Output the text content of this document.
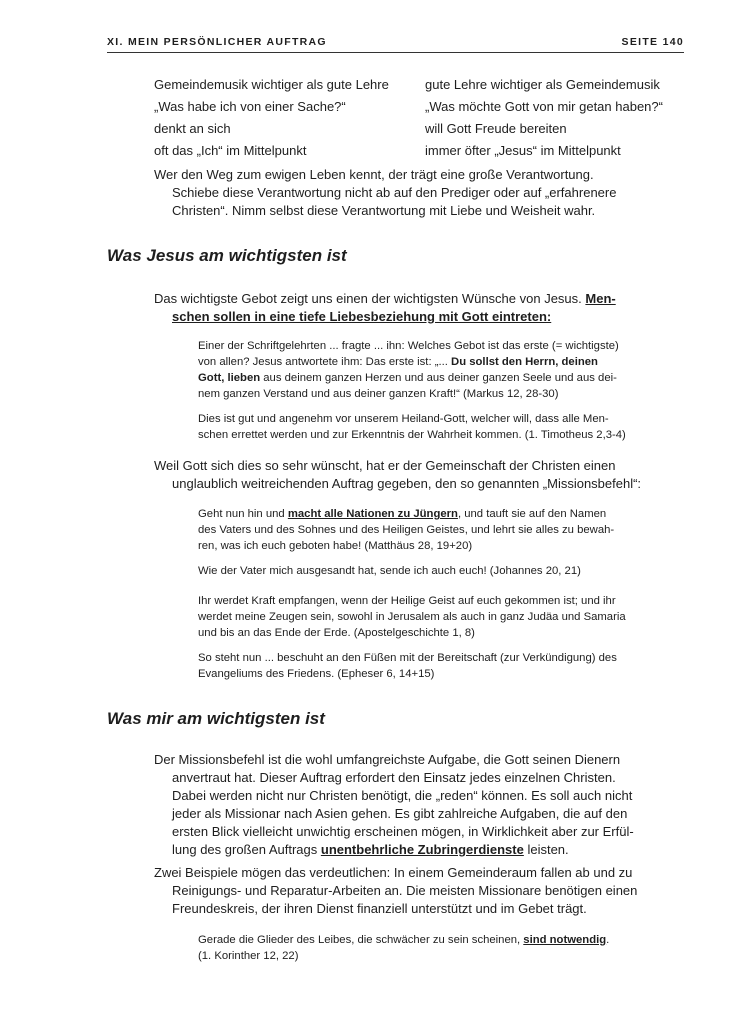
XI. MEIN PERSÖNLICHER AUFTRAG	SEITE 140
Gemeindemusik wichtiger als gute Lehre	gute Lehre wichtiger als Gemeindemusik
„Was habe ich von einer Sache?“	„Was möchte Gott von mir getan haben?“
denkt an sich	will Gott Freude bereiten
oft das „Ich“ im Mittelpunkt	immer öfter „Jesus“ im Mittelpunkt
Wer den Weg zum ewigen Leben kennt, der trägt eine große Verantwortung.
Schiebe diese Verantwortung nicht ab auf den Prediger oder auf „erfahrenere
Christen“. Nimm selbst diese Verantwortung mit Liebe und Weisheit wahr.
Was Jesus am wichtigsten ist
Das wichtigste Gebot zeigt uns einen der wichtigsten Wünsche von Jesus. Men-
schen sollen in eine tiefe Liebesbeziehung mit Gott eintreten:
Einer der Schriftgelehrten ... fragte ... ihn: Welches Gebot ist das erste (= wichtigste)
von allen? Jesus antwortete ihm: Das erste ist: „... Du sollst den Herrn, deinen
Gott, lieben aus deinem ganzen Herzen und aus deiner ganzen Seele und aus dei-
nem ganzen Verstand und aus deiner ganzen Kraft!“ (Markus 12, 28-30)
Dies ist gut und angenehm vor unserem Heiland-Gott, welcher will, dass alle Men-
schen errettet werden und zur Erkenntnis der Wahrheit kommen. (1. Timotheus 2,3-4)
Weil Gott sich dies so sehr wünscht, hat er der Gemeinschaft der Christen einen
unglaublich weitreichenden Auftrag gegeben, den so genannten „Missionsbefehl“:
Geht nun hin und macht alle Nationen zu Jüngern, und tauft sie auf den Namen
des Vaters und des Sohnes und des Heiligen Geistes, und lehrt sie alles zu bewah-
ren, was ich euch geboten habe! (Matthäus 28, 19+20)
Wie der Vater mich ausgesandt hat, sende ich auch euch! (Johannes 20, 21)
Ihr werdet Kraft empfangen, wenn der Heilige Geist auf euch gekommen ist; und ihr
werdet meine Zeugen sein, sowohl in Jerusalem als auch in ganz Judäa und Samaria
und bis an das Ende der Erde. (Apostelgeschichte 1, 8)
So steht nun ... beschuht an den Füßen mit der Bereitschaft (zur Verkündigung) des
Evangeliums des Friedens. (Epheser 6, 14+15)
Was mir am wichtigsten ist
Der Missionsbefehl ist die wohl umfangreichste Aufgabe, die Gott seinen Dienern
anvertraut hat. Dieser Auftrag erfordert den Einsatz jedes einzelnen Christen.
Dabei werden nicht nur Christen benötigt, die „reden“ können. Es soll auch nicht
jeder als Missionar nach Asien gehen. Es gibt zahlreiche Aufgaben, die auf den
ersten Blick vielleicht unwichtig erscheinen mögen, in Wirklichkeit aber zur Erfül-
lung des großen Auftrags unentbehrliche Zubringerdienste leisten.
Zwei Beispiele mögen das verdeutlichen: In einem Gemeinderaum fallen ab und zu
Reinigungs- und Reparatur-Arbeiten an. Die meisten Missionare benötigen einen
Freundeskreis, der ihren Dienst finanziell unterstützt und im Gebet trägt.
Gerade die Glieder des Leibes, die schwächer zu sein scheinen, sind notwendig.
(1. Korinther 12, 22)
